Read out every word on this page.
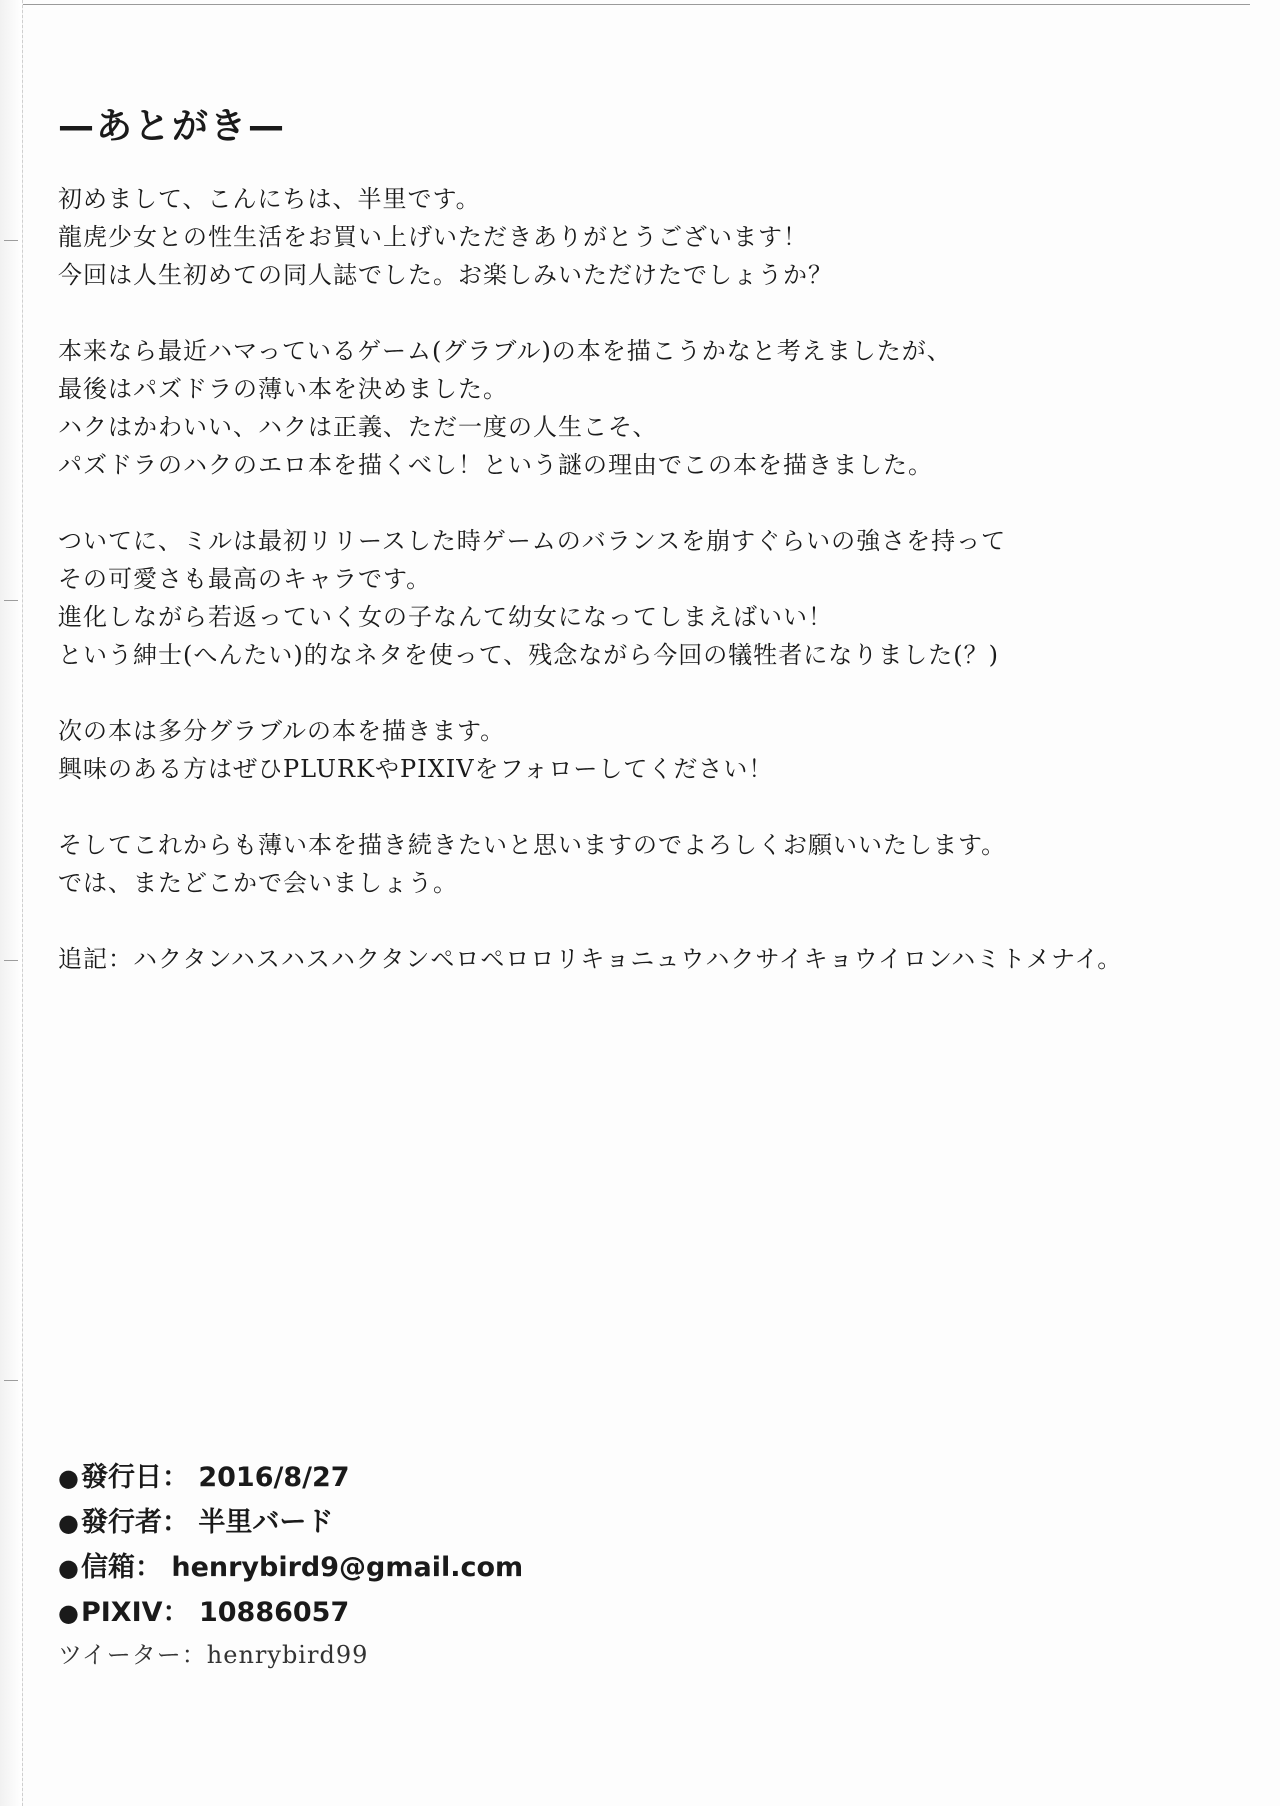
—あとがき—
初めまして、こんにちは、半里です。
龍虎少女との性生活をお買い上げいただきありがとうございます！
今回は人生初めての同人誌でした。お楽しみいただけたでしょうか？
本来なら最近ハマっているゲーム(グラブル)の本を描こうかなと考えましたが、
最後はパズドラの薄い本を決めました。
ハクはかわいい、ハクは正義、ただ一度の人生こそ、
パズドラのハクのエロ本を描くべし！という謎の理由でこの本を描きました。
ついてに、ミルは最初リリースした時ゲームのバランスを崩すぐらいの強さを持って
その可愛さも最高のキャラです。
進化しながら若返っていく女の子なんて幼女になってしまえばいい！
という紳士(へんたい)的なネタを使って、残念ながら今回の犠牲者になりました(？)
次の本は多分グラブルの本を描きます。
興味のある方はぜひPLURKやPIXIVをフォローしてください！
そしてこれからも薄い本を描き続きたいと思いますのでよろしくお願いいたします。
では、またどこかで会いましょう。
追記：ハクタンハスハスハクタンペロペロロリキョニュウハクサイキョウイロンハミトメナイ。
●發行日： 2016/8/27
●發行者： 半里バード
●信箱： henrybird9@gmail.com
●PIXIV： 10886057
ツイーター：henrybird99
